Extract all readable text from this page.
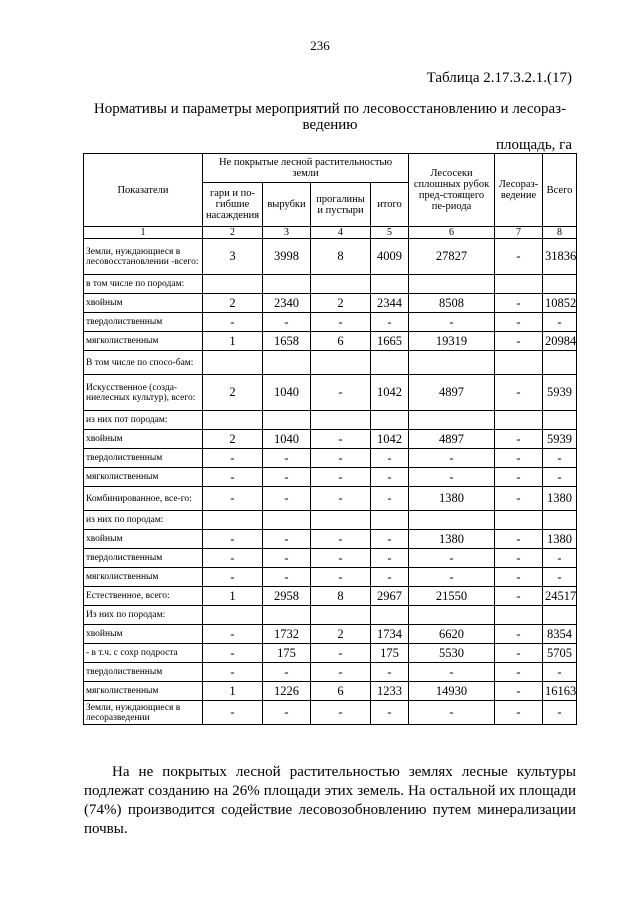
236
Таблица 2.17.3.2.1.(17)
Нормативы и параметры мероприятий по лесовосстановлению и лесораз-ведению
площадь, га
Показатели	Не покрытые лесной растительностью земли				Лесосеки сплошных рубок пред-стоящего пе-риода	Лесораз-ведение	Всего
	гари и по-гибшие насаждения	вырубки	прогалины и пустыри	итого			
1	2	3	4	5	6	7	8
Земли, нуждающиеся в лесовосстановлении -всего:	3	3998	8	4009	27827	-	31836
в том числе по породам:							
хвойным	2	2340	2	2344	8508	-	10852
твердолиственным	-	-	-	-	-	-	-
мягколиственным	1	1658	6	1665	19319	-	20984
В том числе по спосо-бам:							
Искусственное (созда-ниелесных культур), всего:	2	1040	-	1042	4897	-	5939
из них пот породам:							
хвойным	2	1040	-	1042	4897	-	5939
твердолиственным	-	-	-	-	-	-	-
мягколиственным	-	-	-	-	-	-	-
Комбинированное, все-го:	-	-	-	-	1380	-	1380
из них по породам:							
хвойным	-	-	-	-	1380	-	1380
твердолиственным	-	-	-	-	-	-	-
мягколиственным	-	-	-	-	-	-	-
Естественное, всего:	1	2958	8	2967	21550	-	24517
Из них по породам:							
хвойным	-	1732	2	1734	6620	-	8354
- в т.ч. с сохр подроста	-	175	-	175	5530	-	5705
твердолиственным	-	-	-	-	-	-	-
мягколиственным	1	1226	6	1233	14930	-	16163
Земли, нуждающиеся в лесоразведении	-	-	-	-	-	-	-
На не покрытых лесной растительностью землях лесные культуры подлежат созданию на 26% площади этих земель. На остальной их площади (74%) производится содействие лесовозобновлению путем минерализации почвы.
